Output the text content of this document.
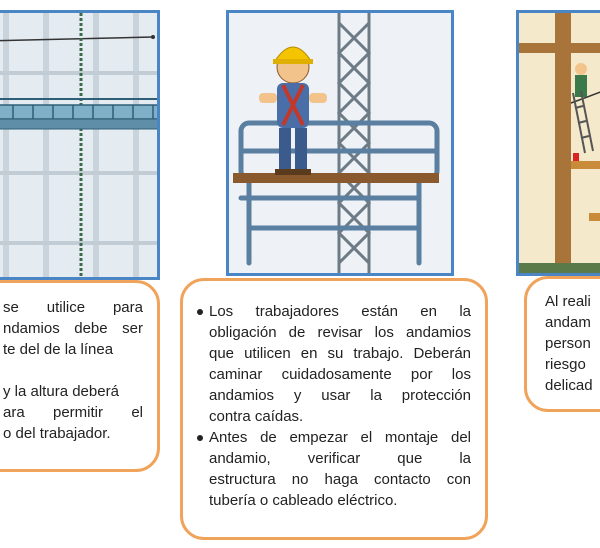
se utilice para
ndamios debe ser
te del de la línea

y la altura deberá
ara permitir el
o del trabajador.
Los trabajadores están en la
obligación de revisar los andamios
que utilicen en su trabajo. Deberán
caminar cuidadosamente por los
andamios y usar la protección
contra caídas.
Antes de empezar el montaje del
andamio, verificar que la
estructura no haga contacto con
tubería o cableado eléctrico.
Al reali
andam
person
riesgo
delicad
